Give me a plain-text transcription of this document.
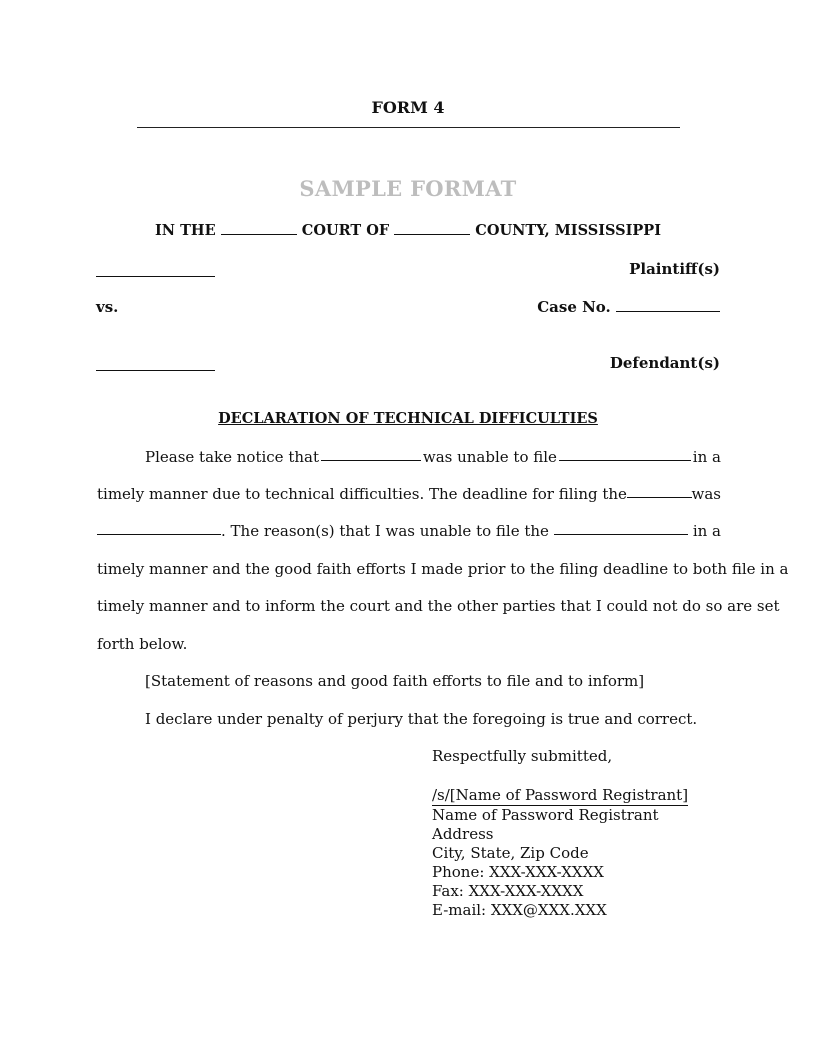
FORM 4
SAMPLE FORMAT
IN THE	COURT OF	COUNTY, MISSISSIPPI
Plaintiff(s)
vs.	Case No.
Defendant(s)
DECLARATION OF TECHNICAL DIFFICULTIES
Please take notice that	was unable to file	in a
timely manner due to technical difficulties. The deadline for filing the	was
. The reason(s) that I was unable to file the	in a
timely manner and the good faith efforts I made prior to the filing deadline to both file in a
timely manner and to inform the court and the other parties that I could not do so are set
forth below.
[Statement of reasons and good faith efforts to file and to inform]
I declare under penalty of perjury that the foregoing is true and correct.
Respectfully submitted,
/s/[Name of Password Registrant]
Name of Password Registrant
Address
City, State, Zip Code
Phone: XXX-XXX-XXXX
Fax: XXX-XXX-XXXX
E-mail: XXX@XXX.XXX
